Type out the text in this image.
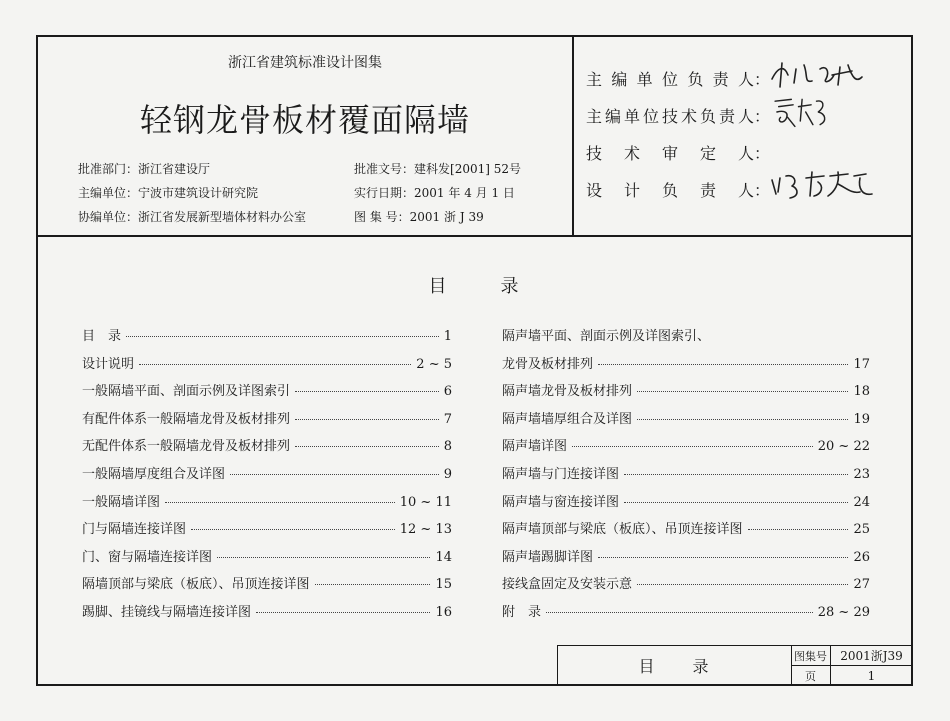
浙江省建筑标准设计图集
轻钢龙骨板材覆面隔墙
批准部门：浙江省建设厅	批准文号：建科发[2001] 52号
主编单位：宁波市建筑设计研究院	实行日期：2001 年 4 月 1 日
协编单位：浙江省发展新型墙体材料办公室	图 集 号：2001 浙 J 39
主编单位负责人：
主编单位技术负责人：
技术审定人：
设计负责人：
目	录
目　录	1
设计说明	2 ~ 5
一般隔墙平面、剖面示例及详图索引	6
有配件体系一般隔墙龙骨及板材排列	7
无配件体系一般隔墙龙骨及板材排列	8
一般隔墙厚度组合及详图	9
一般隔墙详图	10 ~ 11
门与隔墙连接详图	12 ~ 13
门、窗与隔墙连接详图	14
隔墙顶部与梁底（板底）、吊顶连接详图	15
踢脚、挂镜线与隔墙连接详图	16
隔声墙平面、剖面示例及详图索引、
龙骨及板材排列	17
隔声墙龙骨及板材排列	18
隔声墙墙厚组合及详图	19
隔声墙详图	20 ~ 22
隔声墙与门连接详图	23
隔声墙与窗连接详图	24
隔声墙顶部与梁底（板底）、吊顶连接详图	25
隔声墙踢脚详图	26
接线盒固定及安装示意	27
附　录	28 ~ 29
目 录
图集号	2001浙J39
页	1
